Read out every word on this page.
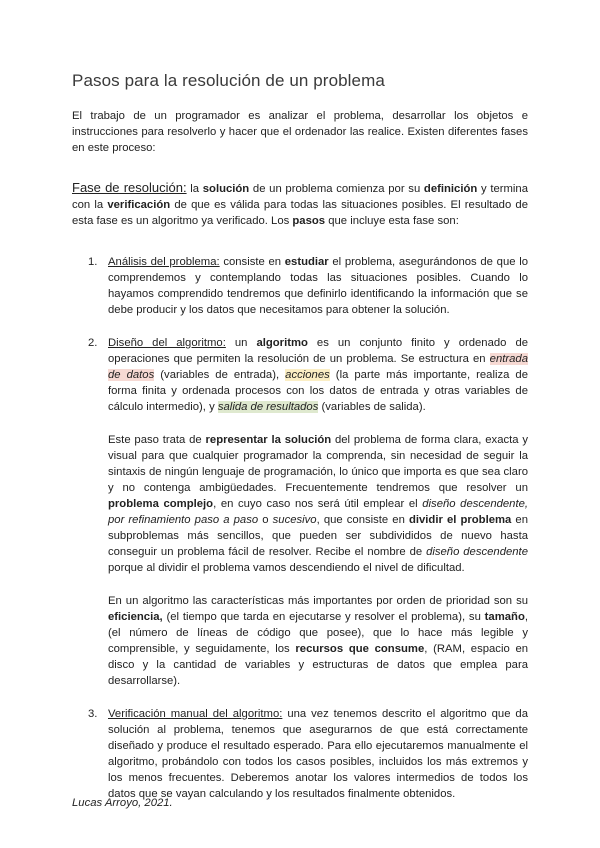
Pasos para la resolución de un problema

El trabajo de un programador es analizar el problema, desarrollar los objetos e instrucciones para resolverlo y hacer que el ordenador las realice. Existen diferentes fases en este proceso:

Fase de resolución: la solución de un problema comienza por su definición y termina con la verificación de que es válida para todas las situaciones posibles. El resultado de esta fase es un algoritmo ya verificado. Los pasos que incluye esta fase son:

1. Análisis del problema: consiste en estudiar el problema, asegurándonos de que lo comprendemos y contemplando todas las situaciones posibles. Cuando lo hayamos comprendido tendremos que definirlo identificando la información que se debe producir y los datos que necesitamos para obtener la solución.

2. Diseño del algoritmo: un algoritmo es un conjunto finito y ordenado de operaciones que permiten la resolución de un problema. Se estructura en entrada de datos (variables de entrada), acciones (la parte más importante, realiza de forma finita y ordenada procesos con los datos de entrada y otras variables de cálculo intermedio), y salida de resultados (variables de salida).

Este paso trata de representar la solución del problema de forma clara, exacta y visual para que cualquier programador la comprenda, sin necesidad de seguir la sintaxis de ningún lenguaje de programación, lo único que importa es que sea claro y no contenga ambigüedades. Frecuentemente tendremos que resolver un problema complejo, en cuyo caso nos será útil emplear el diseño descendente, por refinamiento paso a paso o sucesivo, que consiste en dividir el problema en subproblemas más sencillos, que pueden ser subdivididos de nuevo hasta conseguir un problema fácil de resolver. Recibe el nombre de diseño descendente porque al dividir el problema vamos descendiendo el nivel de dificultad.

En un algoritmo las características más importantes por orden de prioridad son su eficiencia, (el tiempo que tarda en ejecutarse y resolver el problema), su tamaño, (el número de líneas de código que posee), que lo hace más legible y comprensible, y seguidamente, los recursos que consume, (RAM, espacio en disco y la cantidad de variables y estructuras de datos que emplea para desarrollarse).

3. Verificación manual del algoritmo: una vez tenemos descrito el algoritmo que da solución al problema, tenemos que asegurarnos de que está correctamente diseñado y produce el resultado esperado. Para ello ejecutaremos manualmente el algoritmo, probándolo con todos los casos posibles, incluidos los más extremos y los menos frecuentes. Deberemos anotar los valores intermedios de todos los datos que se vayan calculando y los resultados finalmente obtenidos.

Lucas Arroyo, 2021.
